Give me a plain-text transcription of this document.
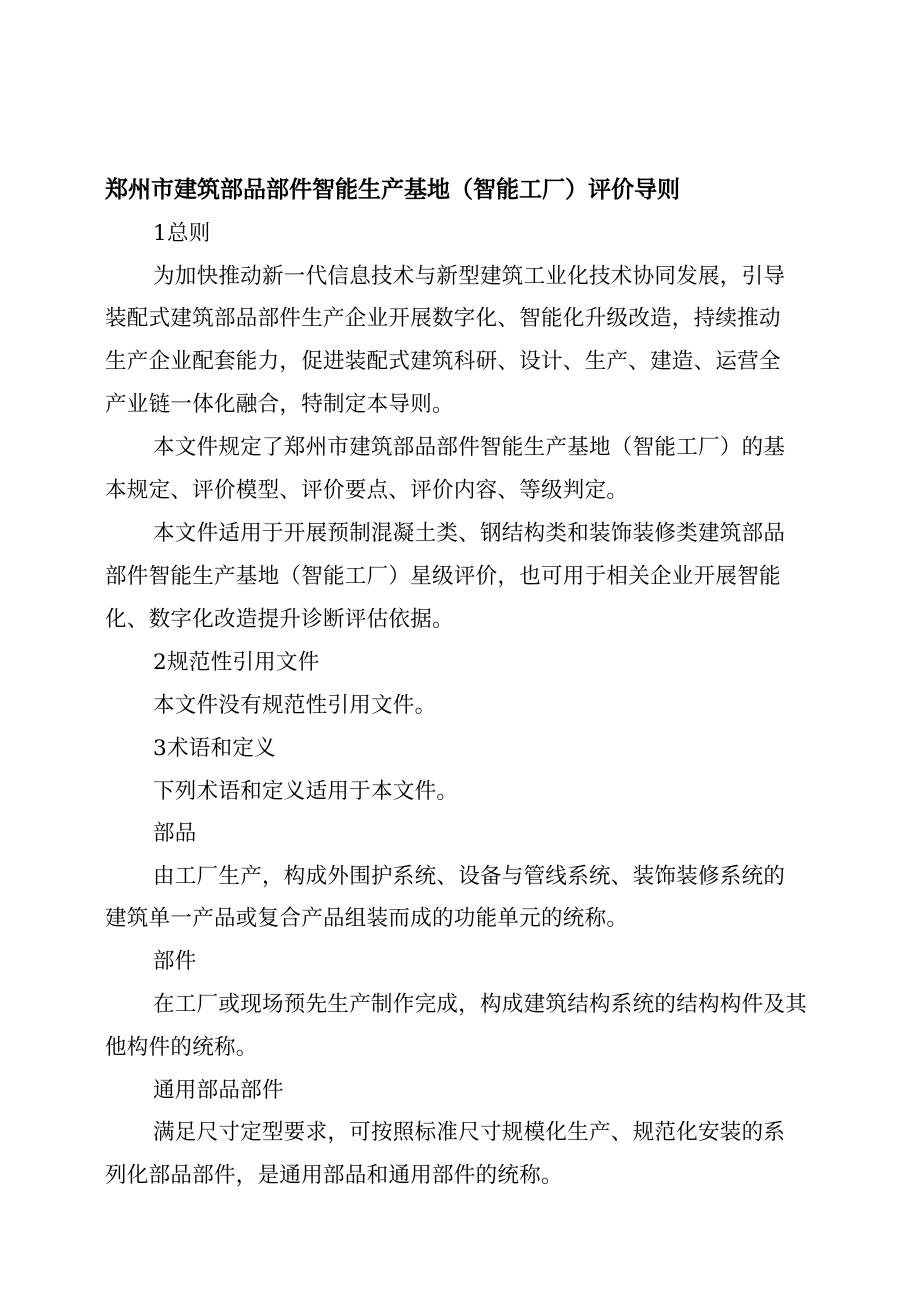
郑州市建筑部品部件智能生产基地（智能工厂）评价导则
1总则
为加快推动新一代信息技术与新型建筑工业化技术协同发展，引导
装配式建筑部品部件生产企业开展数字化、智能化升级改造，持续推动
生产企业配套能力，促进装配式建筑科研、设计、生产、建造、运营全
产业链一体化融合，特制定本导则。
本文件规定了郑州市建筑部品部件智能生产基地（智能工厂）的基
本规定、评价模型、评价要点、评价内容、等级判定。
本文件适用于开展预制混凝土类、钢结构类和装饰装修类建筑部品
部件智能生产基地（智能工厂）星级评价，也可用于相关企业开展智能
化、数字化改造提升诊断评估依据。
2规范性引用文件
本文件没有规范性引用文件。
3术语和定义
下列术语和定义适用于本文件。
部品
由工厂生产，构成外围护系统、设备与管线系统、装饰装修系统的
建筑单一产品或复合产品组装而成的功能单元的统称。
部件
在工厂或现场预先生产制作完成，构成建筑结构系统的结构构件及其
他构件的统称。
通用部品部件
满足尺寸定型要求，可按照标准尺寸规模化生产、规范化安装的系
列化部品部件，是通用部品和通用部件的统称。
